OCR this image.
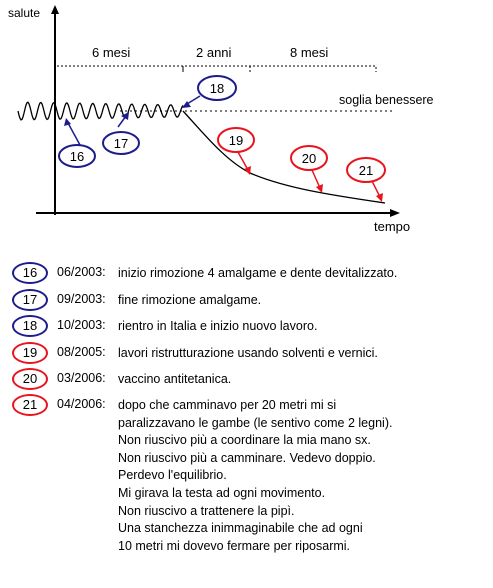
salute
tempo
6 mesi	2 anni	8 mesi
soglia benessere
16
17
18
19
20
21
16	06/2003: inizio rimozione 4 amalgame e dente devitalizzato.
17	09/2003: fine rimozione amalgame.
18	10/2003: rientro in Italia e inizio nuovo lavoro.
19	08/2005: lavori ristrutturazione usando solventi e vernici.
20	03/2006: vaccino antitetanica.
21	04/2006: dopo che camminavo per 20 metri mi si
paralizzavano le gambe (le sentivo come 2 legni).
Non riuscivo più a coordinare la mia mano sx.
Non riuscivo più a camminare. Vedevo doppio.
Perdevo l'equilibrio.
Mi girava la testa ad ogni movimento.
Non riuscivo a trattenere la pipì.
Una stanchezza inimmaginabile che ad ogni
10 metri mi dovevo fermare per riposarmi.
